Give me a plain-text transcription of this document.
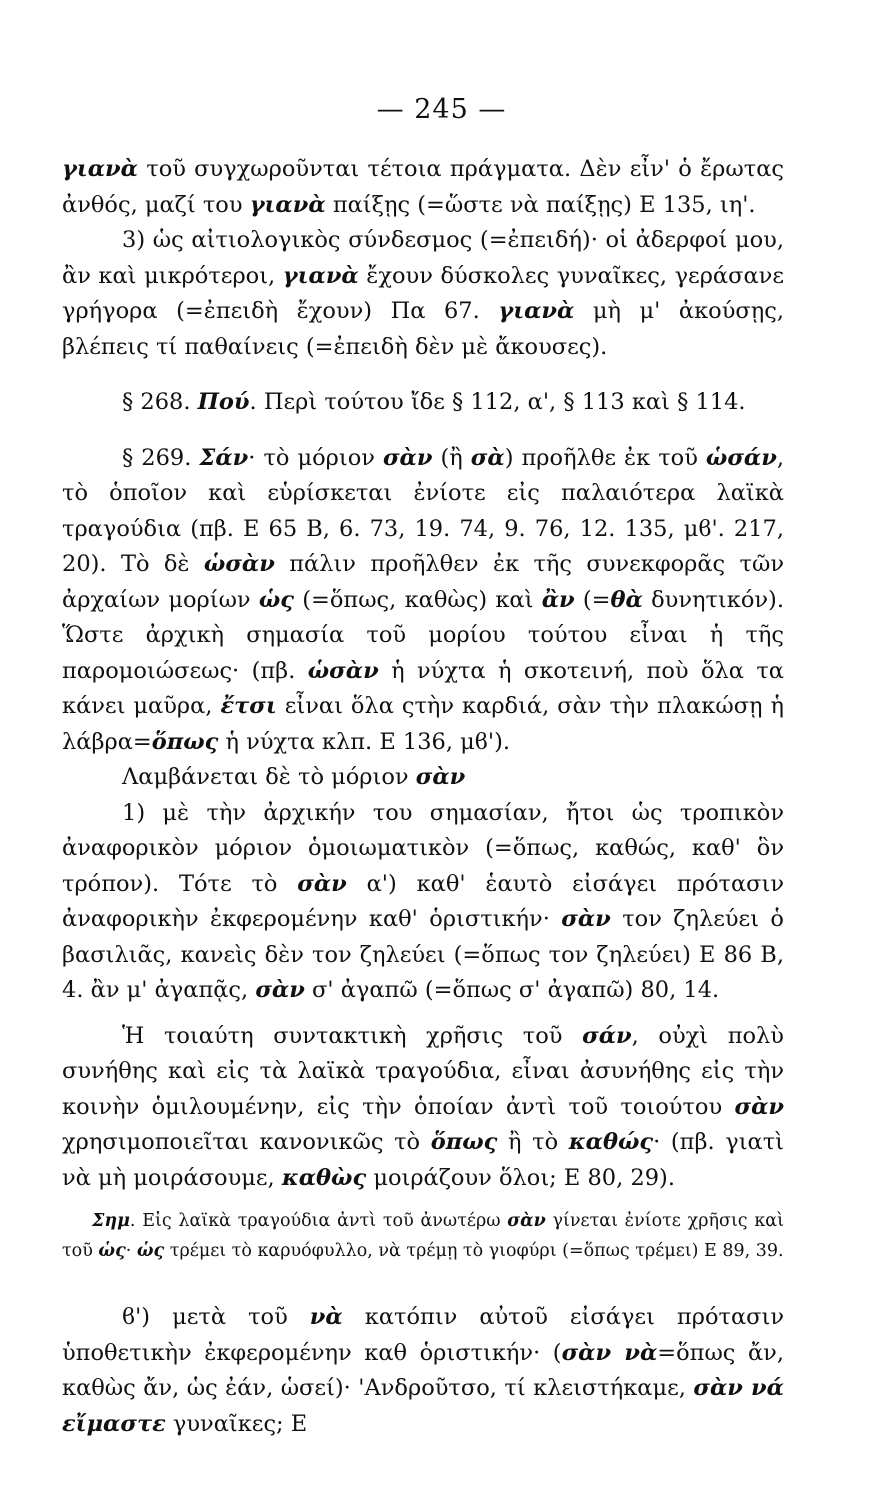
— 245 —

γιανὰ τοῦ συγχωροῦνται τέτοια πράγματα. Δὲν εἶν' ὁ ἔρωτας ἀνθός, μαζί του γιανὰ παίξῃς (=ὥστε νὰ παίξῃς) Ε 135, ιη'.

3) ὡς αἰτιολογικὸς σύνδεσμος (=ἐπειδή)· οἱ ἀδερφοί μου, ἂν καὶ μικρότεροι, γιανὰ ἔχουν δύσκολες γυναῖκες, γεράσανε γρήγορα (=ἐπειδὴ ἔχουν) Πα 67. γιανὰ μὴ μ' ἀκούσῃς, βλέπεις τί παθαίνεις (=ἐπειδὴ δὲν μὲ ἄκουσες).

§ 268. Πού. Περὶ τούτου ἴδε § 112, α', § 113 καὶ § 114.

§ 269. Σάν· τὸ μόριον σὰν (ἢ σὰ) προῆλθε ἐκ τοῦ ὡσάν, τὸ ὁποῖον καὶ εὑρίσκεται ἐνίοτε εἰς παλαιότερα λαϊκὰ τραγούδια (πβ. Ε 65 Β, 6. 73, 19. 74, 9. 76, 12. 135, μϐ'. 217, 20). Τὸ δὲ ὡσὰν πάλιν προῆλθεν ἐκ τῆς συνεκφορᾶς τῶν ἀρχαίων μορίων ὡς (=ὅπως, καθὼς) καὶ ἂν (=θὰ δυνητικόν). Ὥστε ἀρχικὴ σημασία τοῦ μορίου τούτου εἶναι ἡ τῆς παρομοιώσεως· (πβ. ὡσὰν ἡ νύχτα ἡ σκοτεινή, ποὺ ὅλα τα κάνει μαῦρα, ἔτσι εἶναι ὅλα ςτὴν καρδιά, σὰν τὴν πλακώσῃ ἡ λάβρα=ὅπως ἡ νύχτα κλπ. Ε 136, μϐ').

Λαμβάνεται δὲ τὸ μόριον σὰν

1) μὲ τὴν ἀρχικήν του σημασίαν, ἤτοι ὡς τροπικὸν ἀναφορικὸν μόριον ὁμοιωματικὸν (=ὅπως, καθώς, καθ' ὃν τρόπον). Τότε τὸ σὰν α') καθ' ἑαυτὸ εἰσάγει πρότασιν ἀναφορικὴν ἐκφερομένην καθ' ὁριστικήν· σὰν τον ζηλεύει ὁ βασιλιᾶς, κανεὶς δὲν τον ζηλεύει (=ὅπως τον ζηλεύει) Ε 86 Β, 4. ἂν μ' ἀγαπᾷς, σὰν σ' ἀγαπῶ (=ὅπως σ' ἀγαπῶ) 80, 14.

Ἡ τοιαύτη συντακτικὴ χρῆσις τοῦ σάν, οὐχὶ πολὺ συνήθης καὶ εἰς τὰ λαϊκὰ τραγούδια, εἶναι ἀσυνήθης εἰς τὴν κοινὴν ὁμιλουμένην, εἰς τὴν ὁποίαν ἀντὶ τοῦ τοιούτου σὰν χρησιμοποιεῖται κανονικῶς τὸ ὅπως ἢ τὸ καθώς· (πβ. γιατὶ νὰ μὴ μοιράσουμε, καθὼς μοιράζουν ὅλοι; Ε 80, 29).

Σημ. Εἰς λαϊκὰ τραγούδια ἀντὶ τοῦ ἀνωτέρω σὰν γίνεται ἐνίοτε χρῆσις καὶ τοῦ ὡς· ὡς τρέμει τὸ καρυόφυλλο, νὰ τρέμῃ τὸ γιοφύρι (=ὅπως τρέμει) Ε 89, 39.

ϐ') μετὰ τοῦ νὰ κατόπιν αὐτοῦ εἰσάγει πρότασιν ὑποθετικὴν ἐκφερομένην καθ ὁριστικήν· (σὰν νὰ=ὅπως ἄν, καθὼς ἄν, ὡς ἐάν, ὡσεί)· 'Ανδροῦτσο, τί κλειστήκαμε, σὰν νά εἴμαστε γυναῖκες; Ε
